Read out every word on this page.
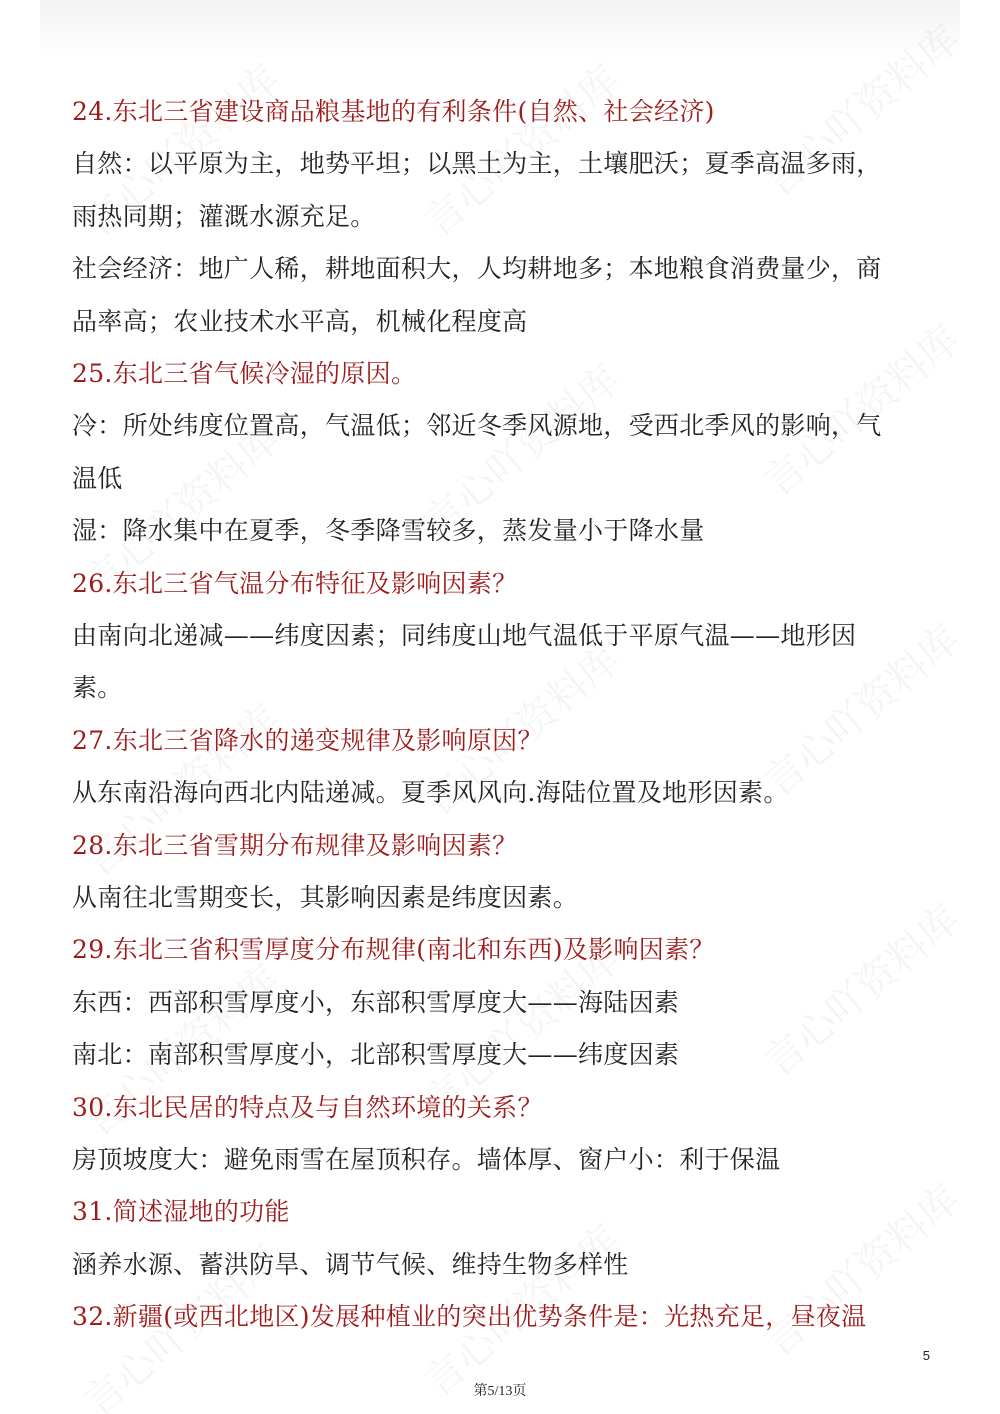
24.东北三省建设商品粮基地的有利条件(自然、社会经济)
自然：以平原为主，地势平坦；以黑土为主，土壤肥沃；夏季高温多雨，
雨热同期；灌溉水源充足。
社会经济：地广人稀，耕地面积大，人均耕地多；本地粮食消费量少，商
品率高；农业技术水平高，机械化程度高
25.东北三省气候冷湿的原因。
冷：所处纬度位置高，气温低；邻近冬季风源地，受西北季风的影响，气
温低
湿：降水集中在夏季，冬季降雪较多，蒸发量小于降水量
26.东北三省气温分布特征及影响因素？
由南向北递减——纬度因素；同纬度山地气温低于平原气温——地形因
素。
27.东北三省降水的递变规律及影响原因？
从东南沿海向西北内陆递减。夏季风风向.海陆位置及地形因素。
28.东北三省雪期分布规律及影响因素？
从南往北雪期变长，其影响因素是纬度因素。
29.东北三省积雪厚度分布规律(南北和东西)及影响因素？
东西：西部积雪厚度小，东部积雪厚度大——海陆因素
南北：南部积雪厚度小，北部积雪厚度大——纬度因素
30.东北民居的特点及与自然环境的关系？
房顶坡度大：避免雨雪在屋顶积存。墙体厚、窗户小：利于保温
31.简述湿地的功能
涵养水源、蓄洪防旱、调节气候、维持生物多样性
32.新疆(或西北地区)发展种植业的突出优势条件是：光热充足，昼夜温
5
第5/13页
